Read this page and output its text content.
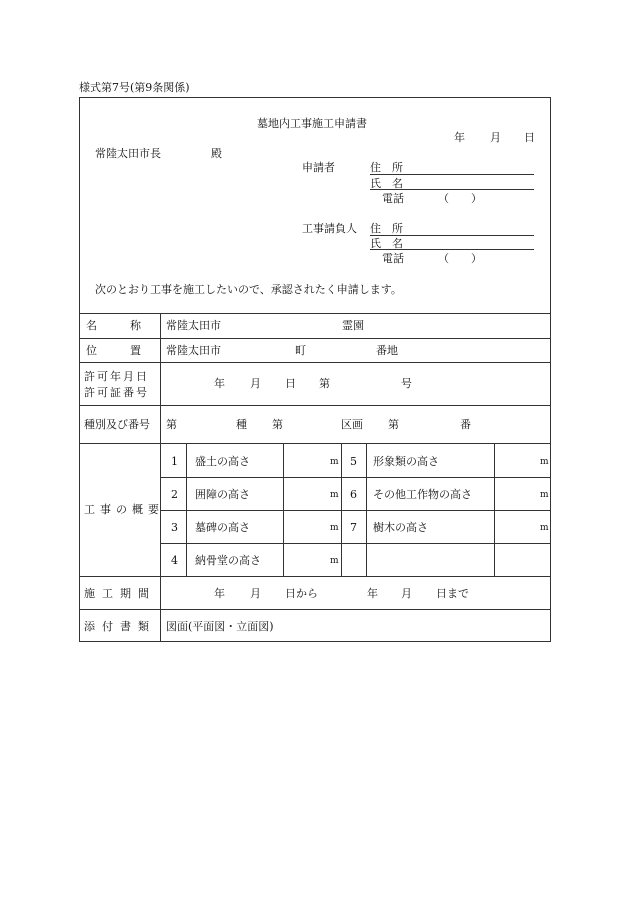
様式第7号(第9条関係)
墓地内工事施工申請書
年 月 日
常陸太田市長	殿
申請者	住　所
氏　名
電話	（　　）
工事請負人 住　所
氏　名
電話	（　　）
次のとおり工事を施工したいので、承認されたく申請します。
名　　　称 常陸太田市	霊園
位　　　置 常陸太田市	町	番地
許可年月日
許可証番号
年 月 日 第	号
種別及び番号 第	種 第	区画 第	番
工事の概要
1 盛土の高さ	m 5 形象類の高さ	m
2 囲障の高さ	m 6 その他工作物の高さ	m
3 墓碑の高さ	m 7 樹木の高さ	m
4 納骨堂の高さ	m
施工期間	年 月 日から	年 月 日まで
添付書類 図面(平面図・立面図)
